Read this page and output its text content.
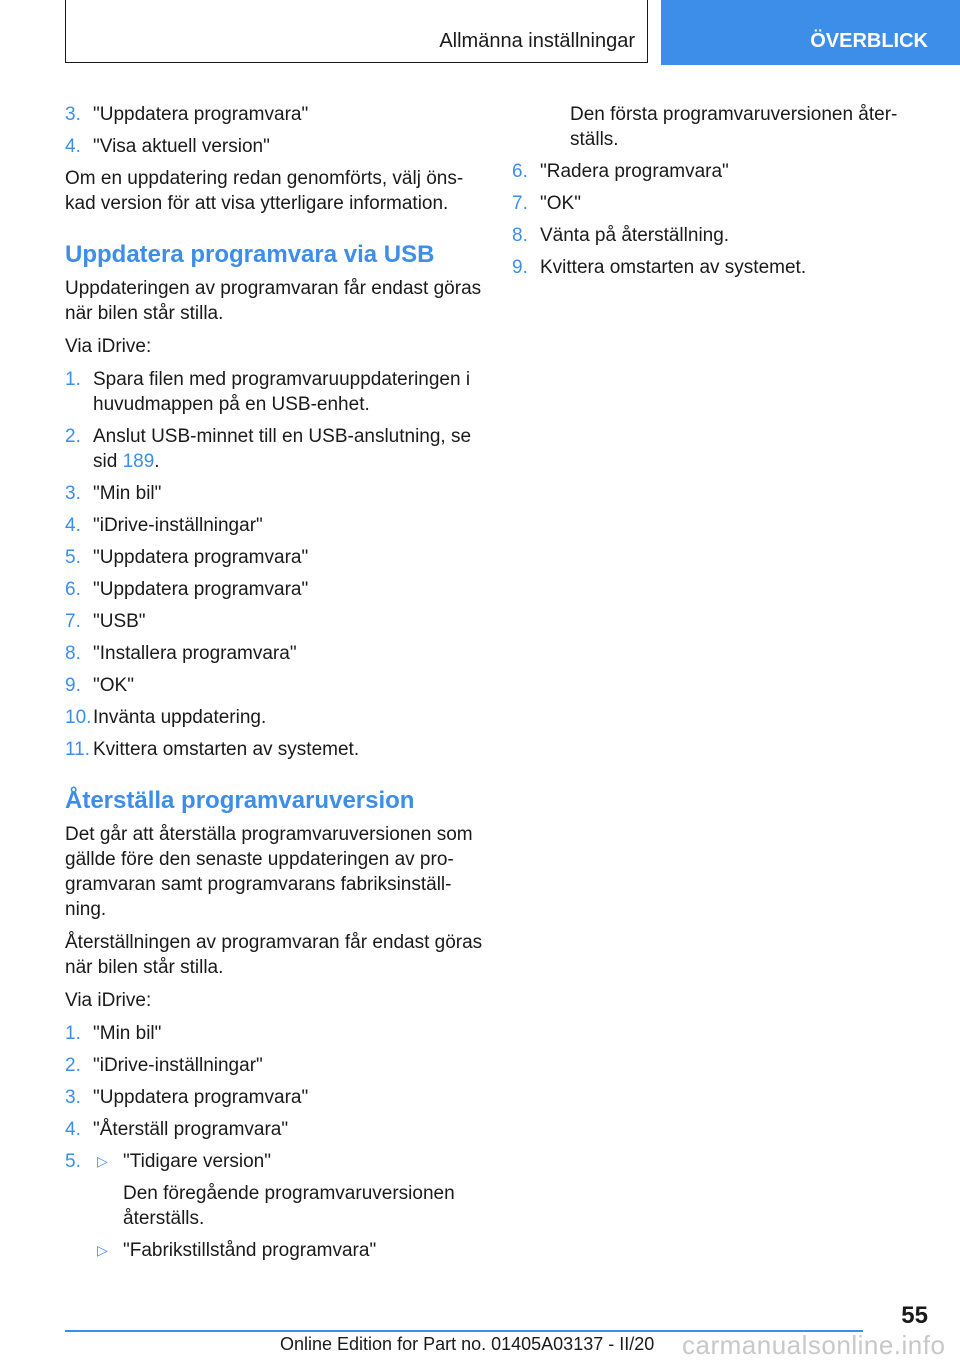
Allmänna inställningar	ÖVERBLICK
3. "Uppdatera programvara"
4. "Visa aktuell version"

Om en uppdatering redan genomförts, välj önskad version för att visa ytterligare information.

Uppdatera programvara via USB

Uppdateringen av programvaran får endast göras när bilen står stilla.

Via iDrive:

1. Spara filen med programvaruuppdateringen i huvudmappen på en USB-enhet.
2. Anslut USB-minnet till en USB-anslutning, se sid 189.
3. "Min bil"
4. "iDrive-inställningar"
5. "Uppdatera programvara"
6. "Uppdatera programvara"
7. "USB"
8. "Installera programvara"
9. "OK"
10. Invänta uppdatering.
11. Kvittera omstarten av systemet.
Återställa programvaruversion

Det går att återställa programvaruversionen som gällde före den senaste uppdateringen av programvaran samt programvarans fabriksinställning.

Återställningen av programvaran får endast göras när bilen står stilla.

Via iDrive:

1. "Min bil"
2. "iDrive-inställningar"
3. "Uppdatera programvara"
4. "Återställ programvara"
5.	▷ "Tidigare version"

Den föregående programvaruversionen återställs.

▷ "Fabrikstillstånd programvara"

Den första programvaruversionen återställs.

6. "Radera programvara"
7. "OK"
8. Vänta på återställning.
9. Kvittera omstarten av systemet.
55
Online Edition for Part no. 01405A03137 - II/20 carmanualsonline.info
